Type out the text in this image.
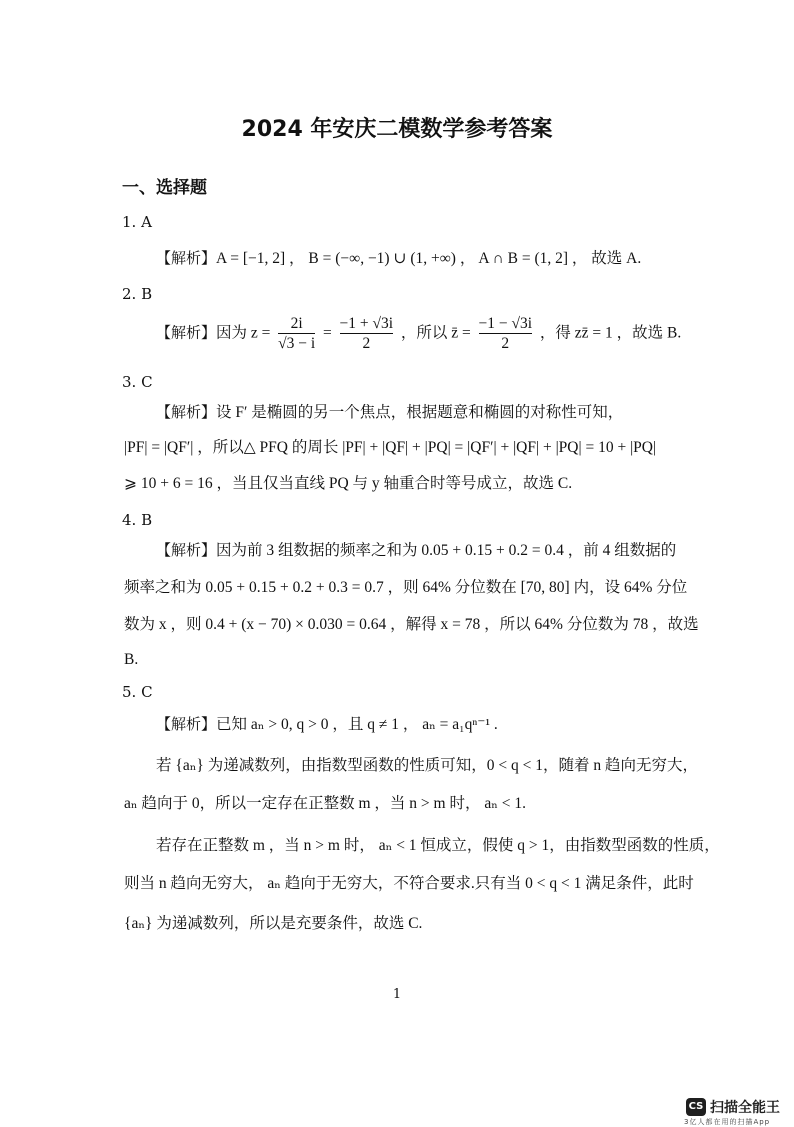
2024 年安庆二模数学参考答案
一、选择题
1. A
【解析】A = [−1, 2] ， B = (−∞, −1) ∪ (1, +∞) ， A ∩ B = (1, 2] ， 故选 A.
2. B
【解析】因为 $z = \frac{2i}{√3 - i} = \frac{-1 + √3i}{2}$ ，所以 z̄ = $\frac{-1 - √3i}{2}$ ，得 zz̄ = 1 ，故选 B.
3. C
【解析】设 F′ 是椭圆的另一个焦点，根据题意和椭圆的对称性可知，
|PF| = |QF′| ，所以△ PFQ 的周长 |PF| + |QF| + |PQ| = |QF′| + |QF| + |PQ| = 10 + |PQ|
⩾ 10 + 6 = 16 ，当且仅当直线 PQ 与 y 轴重合时等号成立，故选 C.
4. B
【解析】因为前 3 组数据的频率之和为 0.05 + 0.15 + 0.2 = 0.4 ，前 4 组数据的
频率之和为 0.05 + 0.15 + 0.2 + 0.3 = 0.7 ，则 64% 分位数在 [70, 80] 内，设 64% 分位
数为 x ，则 0.4 + (x − 70) × 0.030 = 0.64 ，解得 x = 78 ，所以 64% 分位数为 78 ，故选
B.
5. C
【解析】已知 aₙ > 0, q > 0 ，且 q ≠ 1 ， aₙ = a₁qⁿ⁻¹ .
若 {aₙ} 为递减数列，由指数型函数的性质可知，0 < q < 1，随着 n 趋向无穷大，
aₙ 趋向于 0，所以一定存在正整数 m ，当 n > m 时， aₙ < 1.
若存在正整数 m ，当 n > m 时， aₙ < 1 恒成立，假使 q > 1，由指数型函数的性质，
则当 n 趋向无穷大， aₙ 趋向于无穷大，不符合要求.只有当 0 < q < 1 满足条件，此时
{aₙ} 为递减数列，所以是充要条件，故选 C.
1
CS 扫描全能王
3亿人都在用的扫描App
